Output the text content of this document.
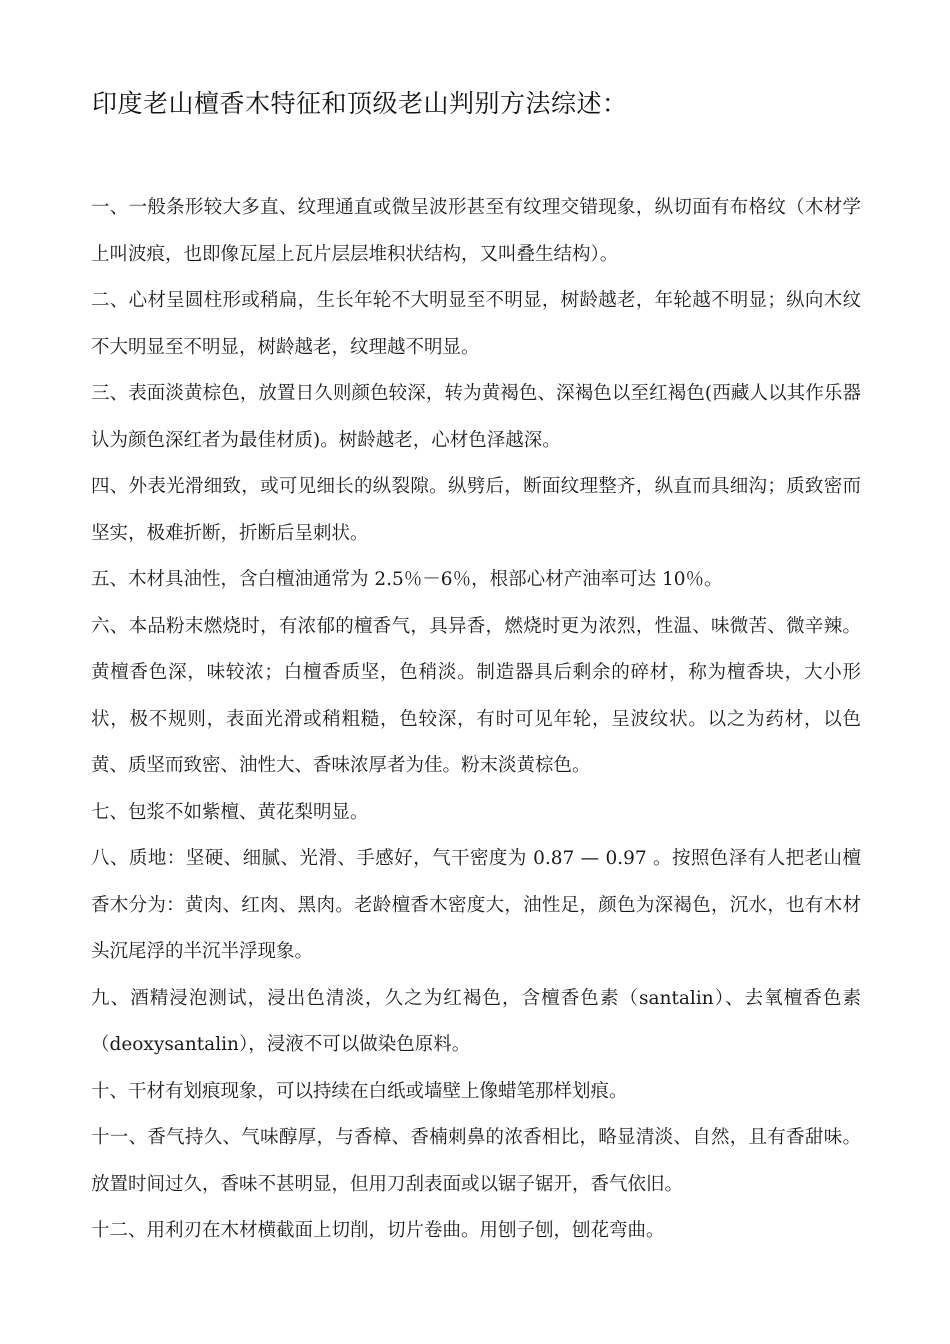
印度老山檀香木特征和顶级老山判别方法综述：

一、一般条形较大多直、纹理通直或微呈波形甚至有纹理交错现象，纵切面有布格纹（木材学上叫波痕，也即像瓦屋上瓦片层层堆积状结构，又叫叠生结构）。

二、心材呈圆柱形或稍扁，生长年轮不大明显至不明显，树龄越老，年轮越不明显；纵向木纹不大明显至不明显，树龄越老，纹理越不明显。

三、表面淡黄棕色，放置日久则颜色较深，转为黄褐色、深褐色以至红褐色(西藏人以其作乐器认为颜色深红者为最佳材质)。树龄越老，心材色泽越深。

四、外表光滑细致，或可见细长的纵裂隙。纵劈后，断面纹理整齐，纵直而具细沟；质致密而坚实，极难折断，折断后呈刺状。

五、木材具油性，含白檀油通常为 2.5％－6％，根部心材产油率可达 10％。

六、本品粉末燃烧时，有浓郁的檀香气，具异香，燃烧时更为浓烈，性温、味微苦、微辛辣。黄檀香色深，味较浓；白檀香质坚，色稍淡。制造器具后剩余的碎材，称为檀香块，大小形状，极不规则，表面光滑或稍粗糙，色较深，有时可见年轮，呈波纹状。以之为药材，以色黄、质坚而致密、油性大、香味浓厚者为佳。粉末淡黄棕色。

七、包浆不如紫檀、黄花梨明显。

八、质地：坚硬、细腻、光滑、手感好，气干密度为 0.87 — 0.97 。按照色泽有人把老山檀香木分为：黄肉、红肉、黑肉。老龄檀香木密度大，油性足，颜色为深褐色，沉水，也有木材头沉尾浮的半沉半浮现象。

九、酒精浸泡测试，浸出色清淡，久之为红褐色，含檀香色素（santalin）、去氧檀香色素（deoxysantalin），浸液不可以做染色原料。

十、干材有划痕现象，可以持续在白纸或墙壁上像蜡笔那样划痕。

十一、香气持久、气味醇厚，与香樟、香楠刺鼻的浓香相比，略显清淡、自然，且有香甜味。放置时间过久，香味不甚明显，但用刀刮表面或以锯子锯开，香气依旧。

十二、用利刃在木材横截面上切削，切片卷曲。用刨子刨，刨花弯曲。
